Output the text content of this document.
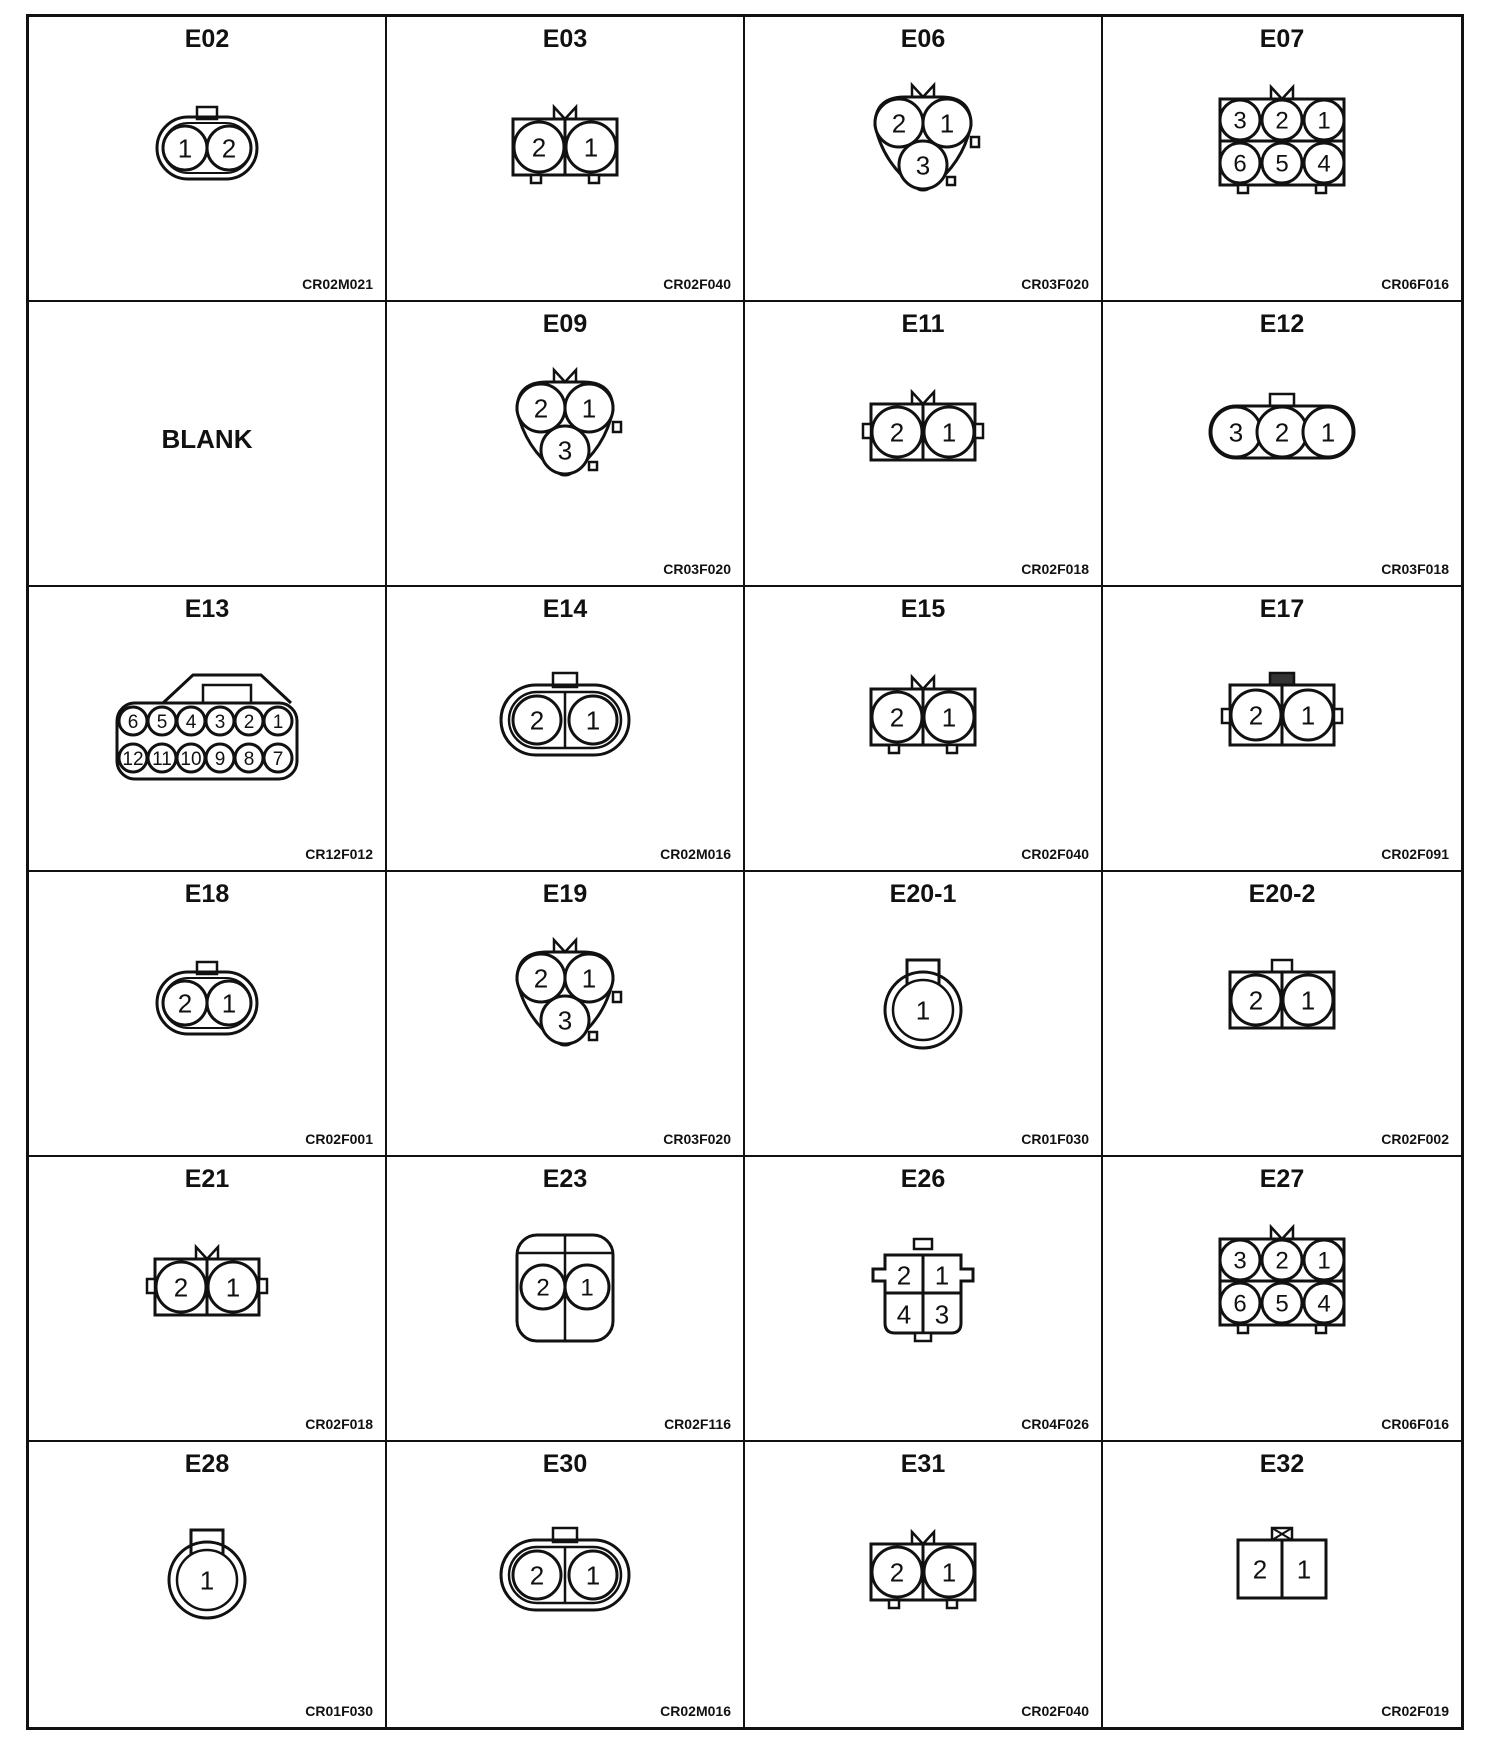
E02
1 2
CR02M021
E03
2 1
CR02F040
E06
2 1
3
CR03F020
E07
3 2 1
6 5 4
CR06F016
BLANK
E09
2 1
3
CR03F020
E11
2 1
CR02F018
E12
3 2 1
CR03F018
E13
6 5 4 3 2 1
12 11 10 9 8 7
CR12F012
E14
2 1
CR02M016
E15
2 1
CR02F040
E17
2 1
CR02F091
E18
2 1
CR02F001
E19
2 1
3
CR03F020
E20-1
1
CR01F030
E20-2
2 1
CR02F002
E21
2 1
CR02F018
E23
2 1
CR02F116
E26
2 1
4 3
CR04F026
E27
3 2 1
6 5 4
CR06F016
E28
1
CR01F030
E30
2 1
CR02M016
E31
2 1
CR02F040
E32
2 1
CR02F019
